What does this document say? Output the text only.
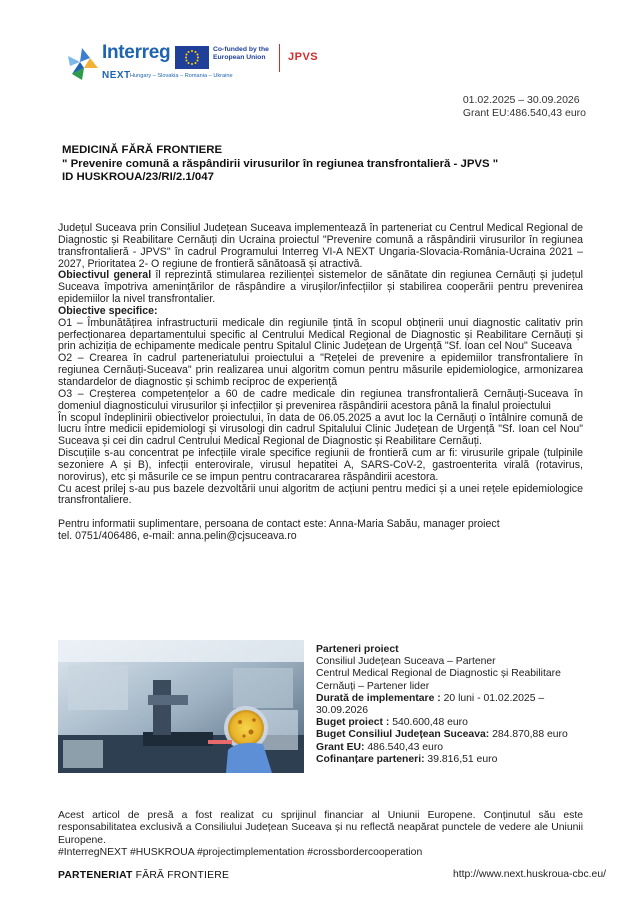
Interreg	Co-funded by the European Union
NEXT Hungary – Slovakia – Romania – Ukraine
JPVS
01.02.2025 – 30.09.2026
Grant EU:486.540,43 euro
MEDICINĂ FĂRĂ FRONTIERE
" Prevenire comună a răspândirii virusurilor în regiunea transfrontalieră - JPVS "
ID HUSKROUA/23/RI/2.1/047

Județul Suceava prin Consiliul Județean Suceava implementează în parteneriat cu Centrul Medical Regional de Diagnostic și Reabilitare Cernăuți din Ucraina proiectul "Prevenire comună a răspândirii virusurilor în regiunea transfrontalieră - JPVS" în cadrul Programului Interreg VI-A NEXT Ungaria-Slovacia-România-Ucraina 2021 – 2027, Prioritatea 2- O regiune de frontieră sănătoasă și atractivă.

Obiectivul general îl reprezintă stimularea rezilienței sistemelor de sănătate din regiunea Cernăuți și județul Suceava împotriva amenințărilor de răspândire a virușilor/infecțiilor și stabilirea cooperării pentru prevenirea epidemiilor la nivel transfrontalier.

Obiective specifice:

O1 – Îmbunătățirea infrastructurii medicale din regiunile țintă în scopul obținerii unui diagnostic calitativ prin perfecționarea departamentului specific al Centrului Medical Regional de Diagnostic și Reabilitare Cernăuți și prin achiziția de echipamente medicale pentru Spitalul Clinic Județean de Urgență "Sf. Ioan cel Nou" Suceava

O2 – Crearea în cadrul parteneriatului proiectului a "Rețelei de prevenire a epidemiilor transfrontaliere în regiunea Cernăuți-Suceava" prin realizarea unui algoritm comun pentru măsurile epidemiologice, armonizarea standardelor de diagnostic și schimb reciproc de experiență

O3 – Creșterea competențelor a 60 de cadre medicale din regiunea transfrontalieră Cernăuți-Suceava în domeniul diagnosticului virusurilor și infecțiilor și prevenirea răspândirii acestora până la finalul proiectului

În scopul îndeplinirii obiectivelor proiectului, în data de 06.05.2025 a avut loc la Cernăuți o întâlnire comună de lucru între medicii epidemiologi și virusologi din cadrul Spitalului Clinic Județean de Urgență "Sf. Ioan cel Nou" Suceava și cei din cadrul Centrului Medical Regional de Diagnostic și Reabilitare Cernăuți.

Discuțiile s-au concentrat pe infecțiile virale specifice regiunii de frontieră cum ar fi: virusurile gripale (tulpinile sezoniere A și B), infecții enterovirale, virusul hepatitei A, SARS-CoV-2, gastroenterita virală (rotavirus, norovirus), etc și măsurile ce se impun pentru contracararea răspândirii acestora.

Cu acest prilej s-au pus bazele dezvoltării unui algoritm de acțiuni pentru medici și a unei rețele epidemiologice transfrontaliere.

Pentru informatii suplimentare, persoana de contact este: Anna-Maria Sabău, manager proiect

tel. 0751/406486, e-mail: anna.pelin@cjsuceava.ro

Parteneri proiect

Consiliul Județean Suceava – Partener

Centrul Medical Regional de Diagnostic și Reabilitare Cernăuți – Partener lider

Durată de implementare : 20 luni - 01.02.2025 – 30.09.2026

Buget proiect : 540.600,48 euro

Buget Consiliul Județean Suceava: 284.870,88 euro

Grant EU: 486.540,43 euro

Cofinanțare parteneri: 39.816,51 euro

Acest articol de presă a fost realizat cu sprijinul financiar al Uniunii Europene. Conținutul său este responsabilitatea exclusivă a Consiliului Județean Suceava și nu reflectă neapărat punctele de vedere ale Uniunii Europene.

#InterregNEXT #HUSKROUA #projectimplementation #crossbordercooperation

PARTENERIAT FĂRĂ FRONTIERE	http://www.next.huskroua-cbc.eu/
